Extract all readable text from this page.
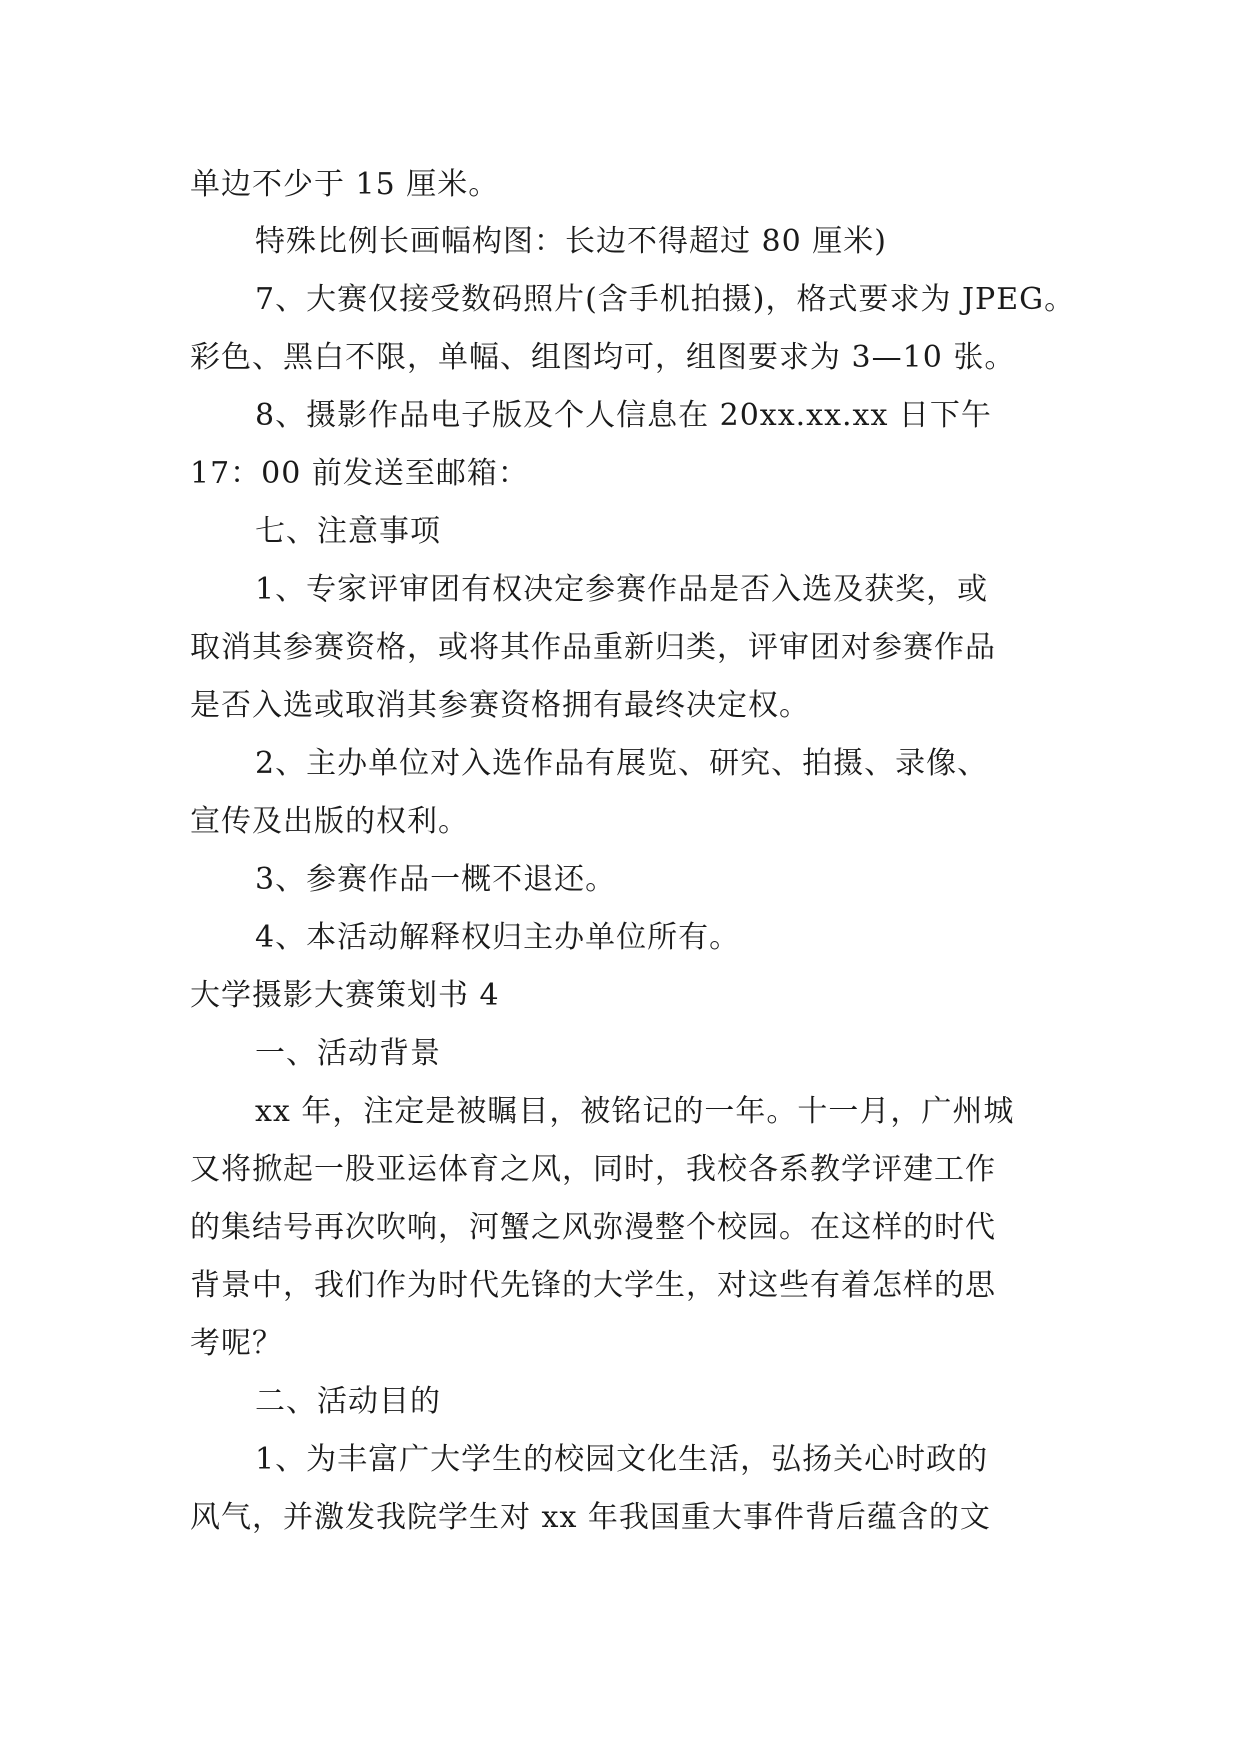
单边不少于 15 厘米。
特殊比例长画幅构图：长边不得超过 80 厘米)
7、大赛仅接受数码照片(含手机拍摄)，格式要求为 JPEG。
彩色、黑白不限，单幅、组图均可，组图要求为 3—10 张。
8、摄影作品电子版及个人信息在 20xx.xx.xx 日下午
17：00 前发送至邮箱：
七、注意事项
1、专家评审团有权决定参赛作品是否入选及获奖，或
取消其参赛资格，或将其作品重新归类，评审团对参赛作品
是否入选或取消其参赛资格拥有最终决定权。
2、主办单位对入选作品有展览、研究、拍摄、录像、
宣传及出版的权利。
3、参赛作品一概不退还。
4、本活动解释权归主办单位所有。
大学摄影大赛策划书 4
一、活动背景
xx 年，注定是被瞩目，被铭记的一年。十一月，广州城
又将掀起一股亚运体育之风，同时，我校各系教学评建工作
的集结号再次吹响，河蟹之风弥漫整个校园。在这样的时代
背景中，我们作为时代先锋的大学生，对这些有着怎样的思
考呢？
二、活动目的
1、为丰富广大学生的校园文化生活，弘扬关心时政的
风气，并激发我院学生对 xx 年我国重大事件背后蕴含的文
